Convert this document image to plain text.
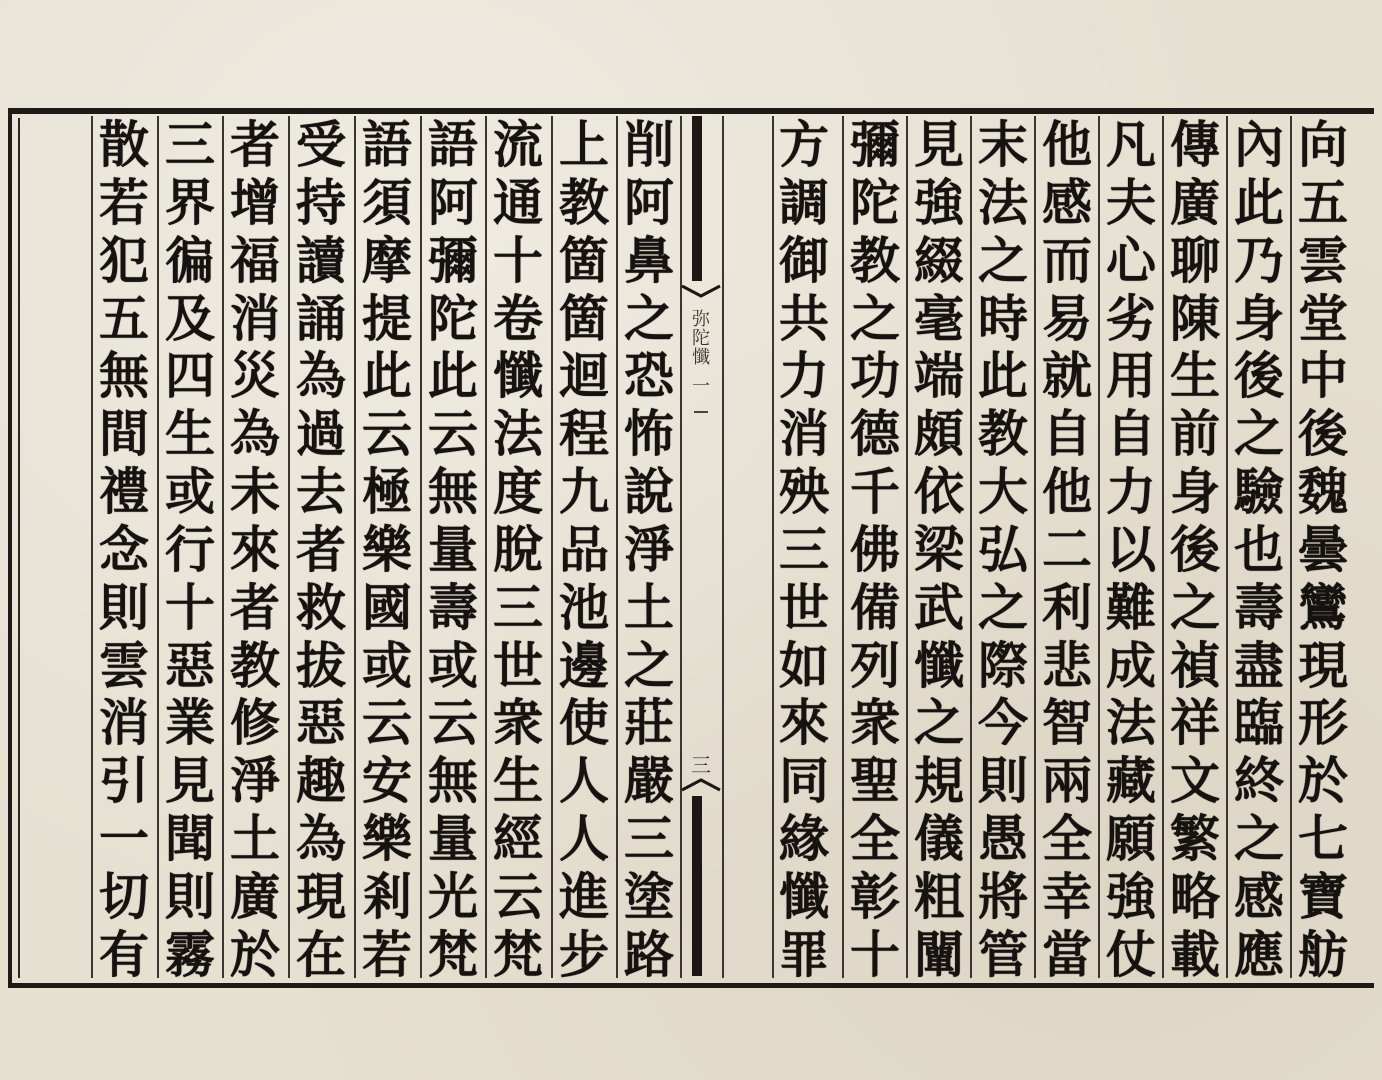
向
五
雲
堂
中
後
魏
曇
鸞
現
形
於
七
寶
舫
內
此
乃
身
後
之
驗
也
壽
盡
臨
終
之
感
應
傳
廣
聊
陳
生
前
身
後
之
禎
祥
文
繁
略
載
凡
夫
心
劣
用
自
力
以
難
成
法
藏
願
強
仗
他
感
而
易
就
自
他
二
利
悲
智
兩
全
幸
當
末
法
之
時
此
教
大
弘
之
際
今
則
愚
將
管
見
強
綴
毫
端
頗
依
梁
武
懺
之
規
儀
粗
闡
彌
陀
教
之
功
德
千
佛
備
列
衆
聖
全
彰
十
方
調
御
共
力
消
殃
三
世
如
來
同
緣
懺
罪
削
阿
鼻
之
恐
怖
說
淨
土
之
莊
嚴
三
塗
路
上
教
箇
箇
迴
程
九
品
池
邊
使
人
人
進
步
流
通
十
卷
懺
法
度
脫
三
世
衆
生
經
云
梵
語
阿
彌
陀
此
云
無
量
壽
或
云
無
量
光
梵
語
須
摩
提
此
云
極
樂
國
或
云
安
樂
剎
若
受
持
讀
誦
為
過
去
者
救
拔
惡
趣
為
現
在
者
增
福
消
災
為
未
來
者
教
修
淨
土
廣
於
三
界
徧
及
四
生
或
行
十
惡
業
見
聞
則
霧
散
若
犯
五
無
間
禮
念
則
雲
消
引
一
切
有
弥
陀
懺
一
三
